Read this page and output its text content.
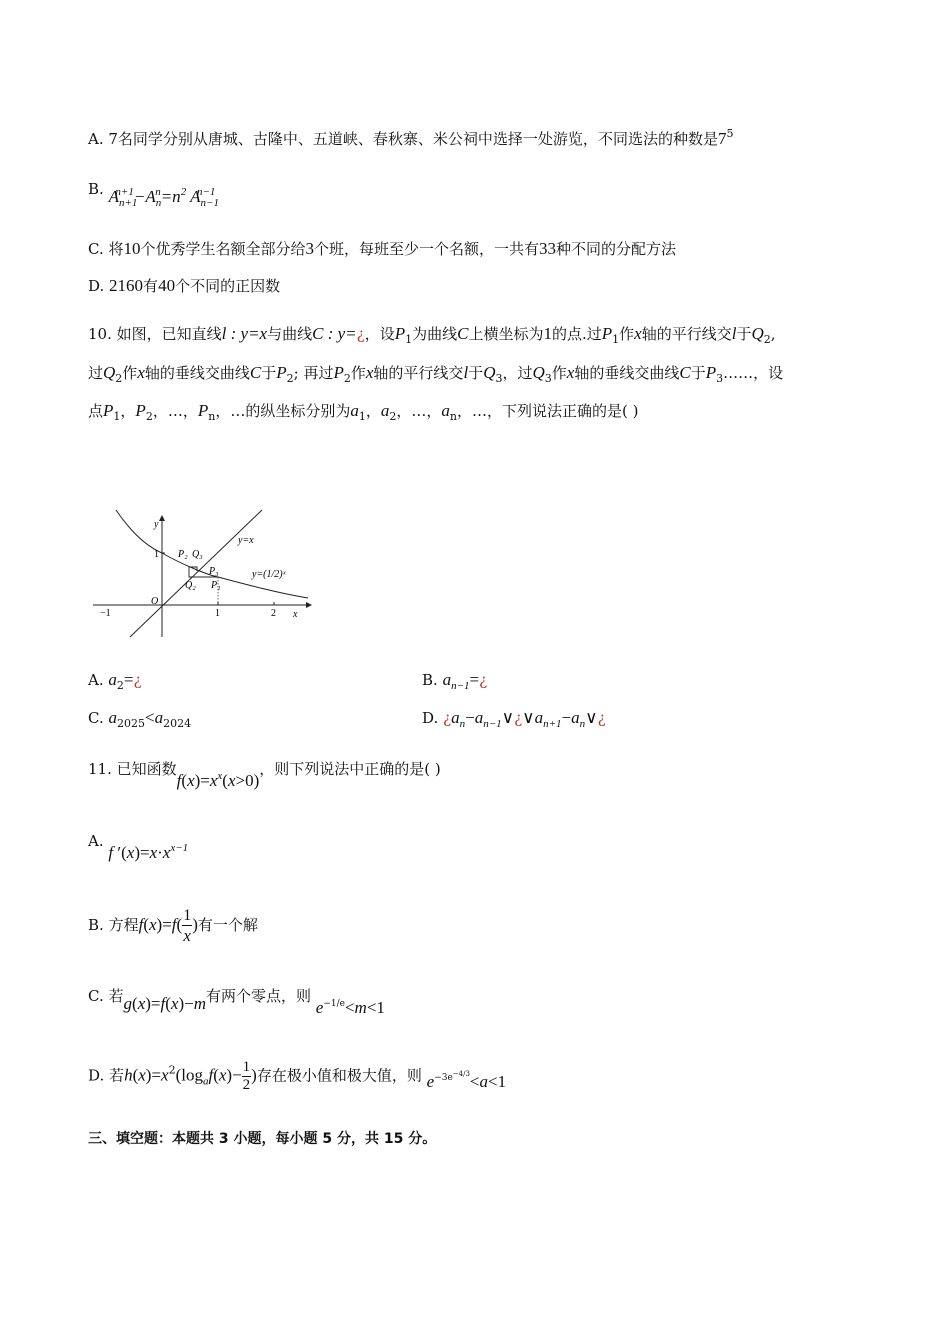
A. 7名同学分别从唐城、古隆中、五道峡、春秋寨、米公祠中选择一处游览，不同选法的种数是$7^5$
B. $A_{n+1}^{n+1}-A_n^n=n^2$ $A_{n-1}^{n-1}$
C. 将10个优秀学生名额全部分给3个班，每班至少一个名额，一共有33种不同的分配方法
D. 2160有40个不同的正因数
10. 如图，已知直线l : y=x与曲线C : y=¿，设$P_1$为曲线C上横坐标为1的点.过$P_1$作x轴的平行线交l于$Q_2$,
过$Q_2$作x轴的垂线交曲线C于$P_2$; 再过$P_2$作x轴的平行线交l于$Q_3$，过$Q_3$作x轴的垂线交曲线C于$P_3\dots\dots$，设
点$P_1$，$P_2$，…，$P_n$，…的纵坐标分别为$a_1$，$a_2$，…，$a_n$，…，下列说法正确的是( )
y
x
O
1
1	2
−1
y=x
y=(1/2)ˣ
P₂ Q₃
P₃
Q₂ P₁
A. $a_2=¿$	B. $a_{n-1}=¿$
C. $a_{2025}<a_{2024}$	D. ¿$a_n-a_{n-1}\vee¿\vee a_{n+1}-a_n\vee¿$
11. 已知函数$f(x)=x^x(x>0)$，则下列说法中正确的是( )
A. f $'(x)=x\cdot x^{x-1}$
B. 方程$f(x)=f( \frac{1}{x}$ )有一个解
C. 若g(x)=f(x)−m有两个零点，则 $e^{-1/e}<m<1$
D. 若$h(x)=x^2(\log_af(x)- \frac{1}{2}$ )存在极小值和极大值，则 $e^{-3e^{-4/3}}<a<1$
三、填空题：本题共 3 小题，每小题 5 分，共 15 分。
